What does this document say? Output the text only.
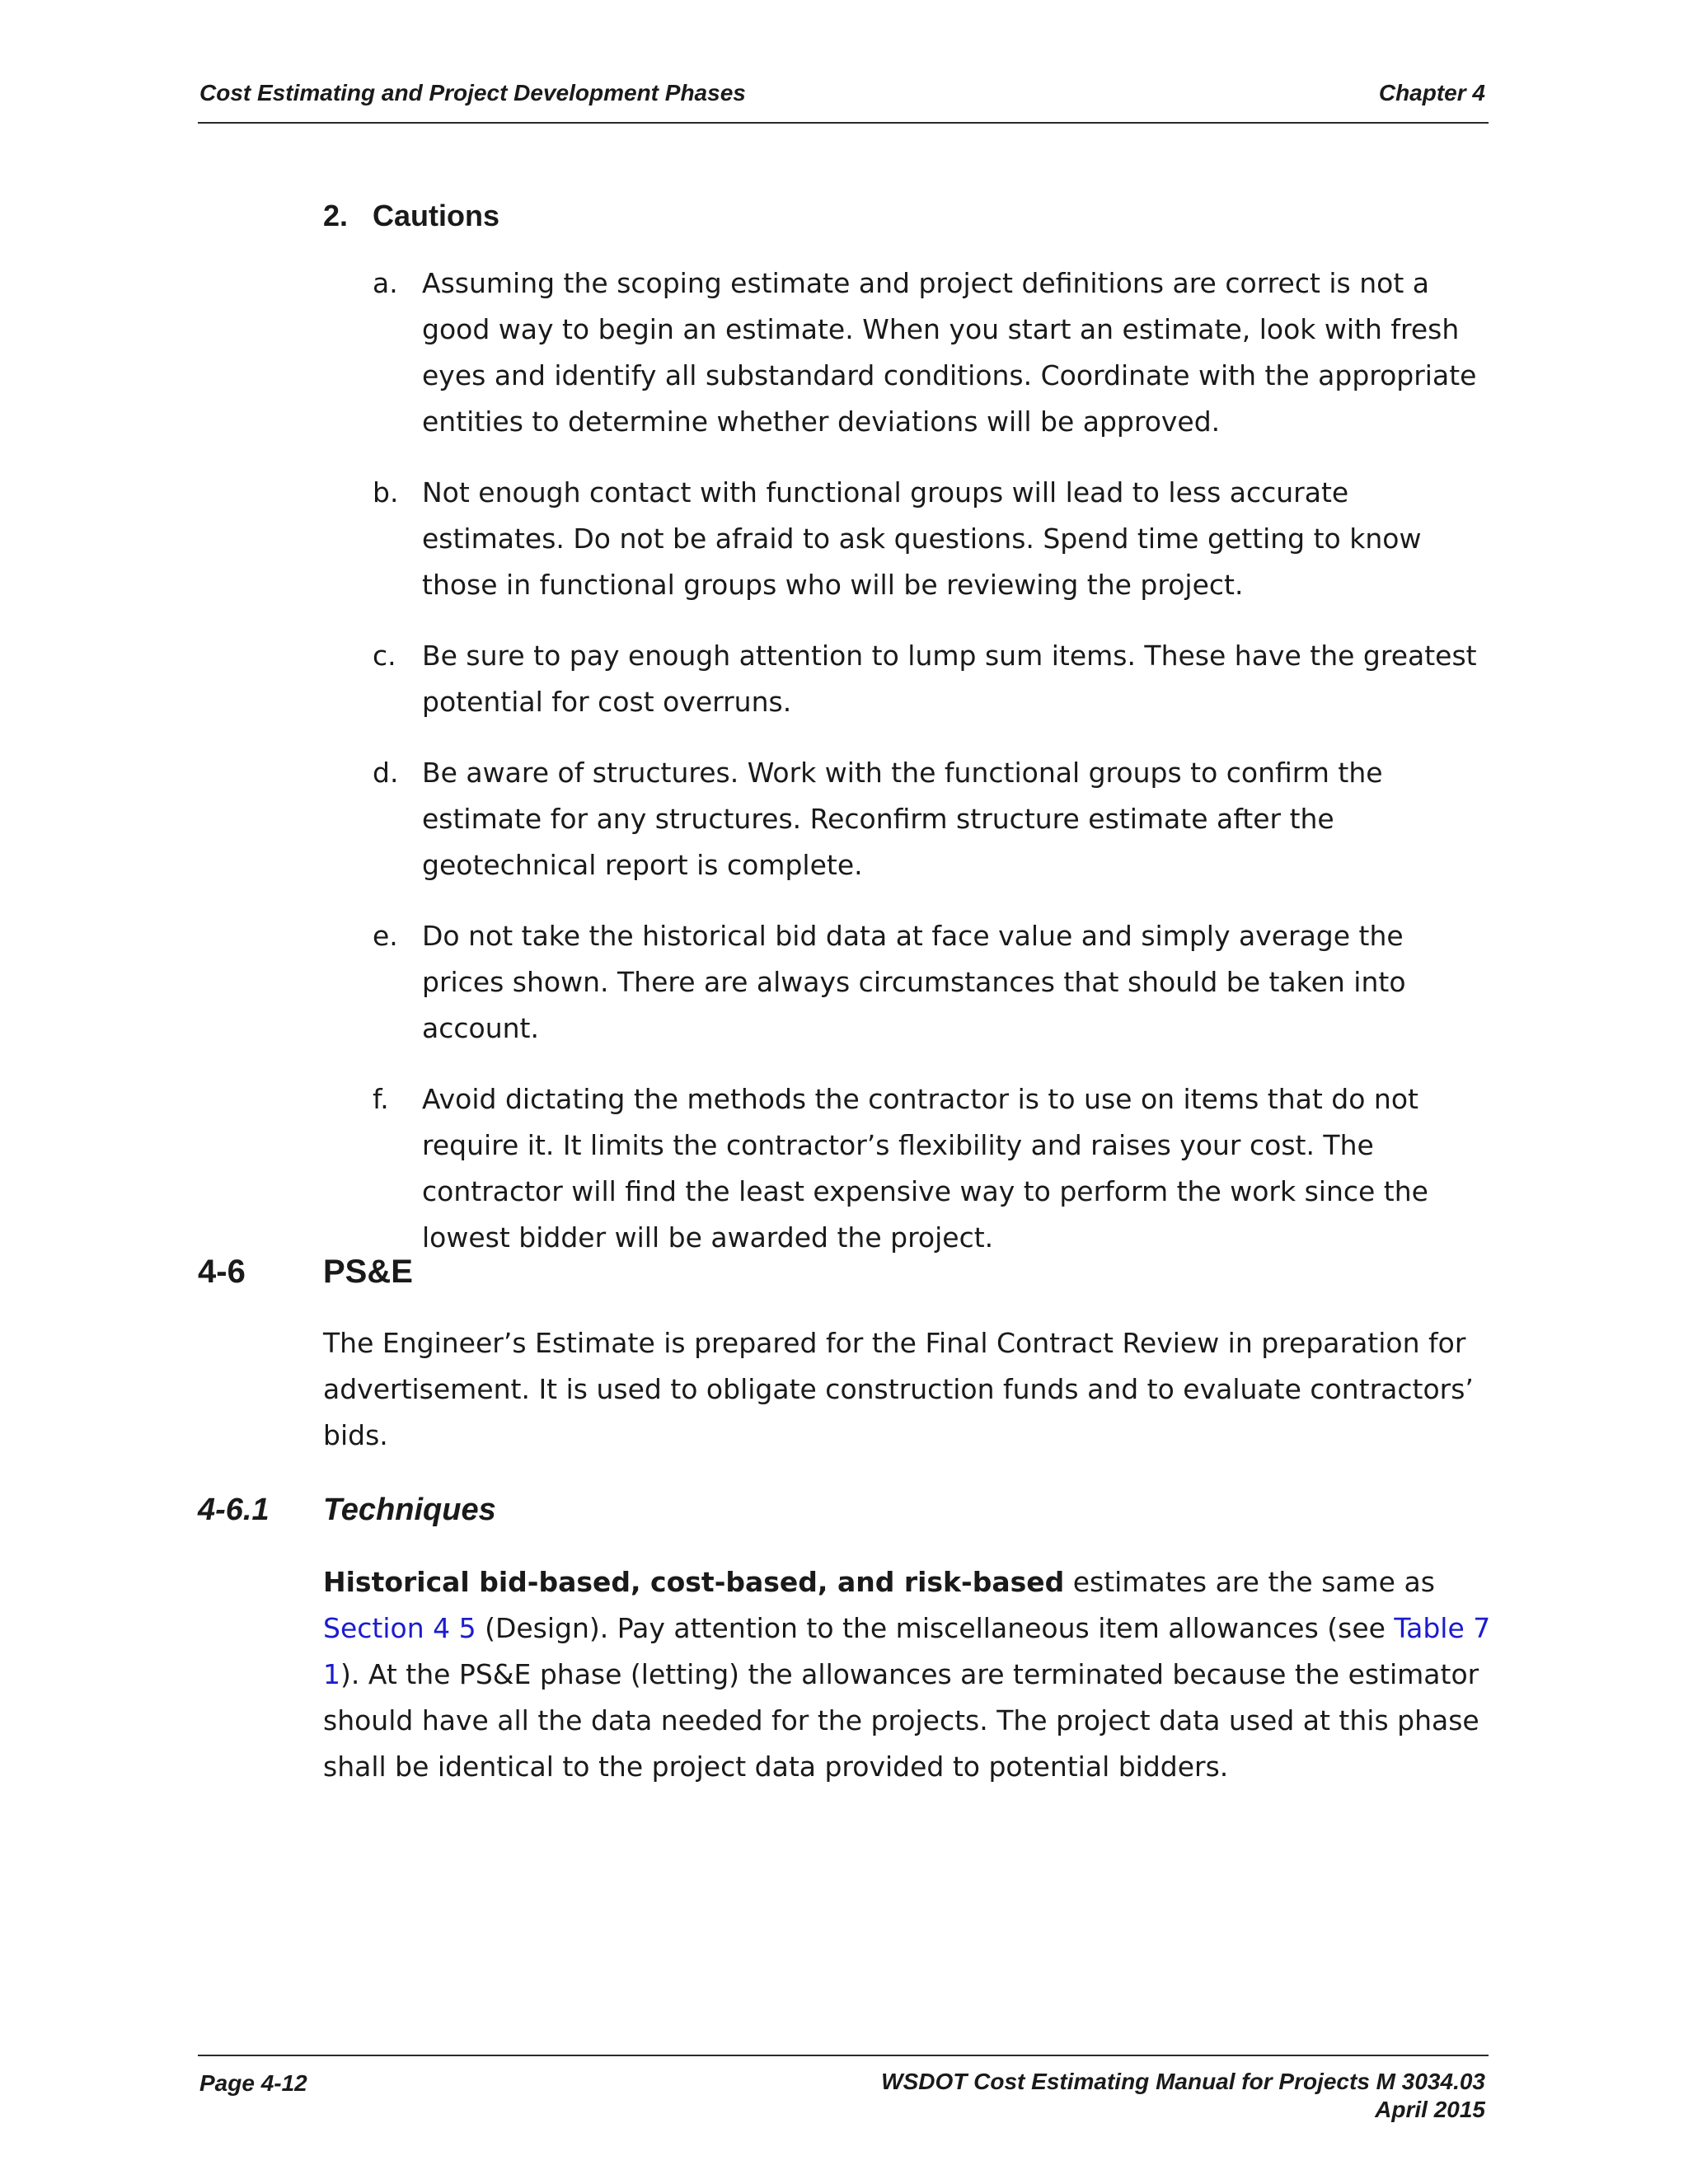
Cost Estimating and Project Development Phases	Chapter 4
2. Cautions
a. Assuming the scoping estimate and project definitions are correct is not a good way to begin an estimate. When you start an estimate, look with fresh eyes and identify all substandard conditions. Coordinate with the appropriate entities to determine whether deviations will be approved.
b. Not enough contact with functional groups will lead to less accurate estimates. Do not be afraid to ask questions. Spend time getting to know those in functional groups who will be reviewing the project.
c. Be sure to pay enough attention to lump sum items. These have the greatest potential for cost overruns.
d. Be aware of structures. Work with the functional groups to confirm the estimate for any structures. Reconfirm structure estimate after the geotechnical report is complete.
e. Do not take the historical bid data at face value and simply average the prices shown. There are always circumstances that should be taken into account.
f.	Avoid dictating the methods the contractor is to use on items that do not require it. It limits the contractor’s flexibility and raises your cost. The contractor will find the least expensive way to perform the work since the lowest bidder will be awarded the project.
4-6 PS&E

The Engineer’s Estimate is prepared for the Final Contract Review in preparation for advertisement. It is used to obligate construction funds and to evaluate contractors’ bids.

4-6.1 Techniques

Historical bid-based, cost-based, and risk-based estimates are the same as Section 4 5 (Design). Pay attention to the miscellaneous item allowances (see Table 7 1). At the PS&E phase (letting) the allowances are terminated because the estimator should have all the data needed for the projects. The project data used at this phase shall be identical to the project data provided to potential bidders.

Page 4-12	WSDOT Cost Estimating Manual for Projects M 3034.03
April 2015
